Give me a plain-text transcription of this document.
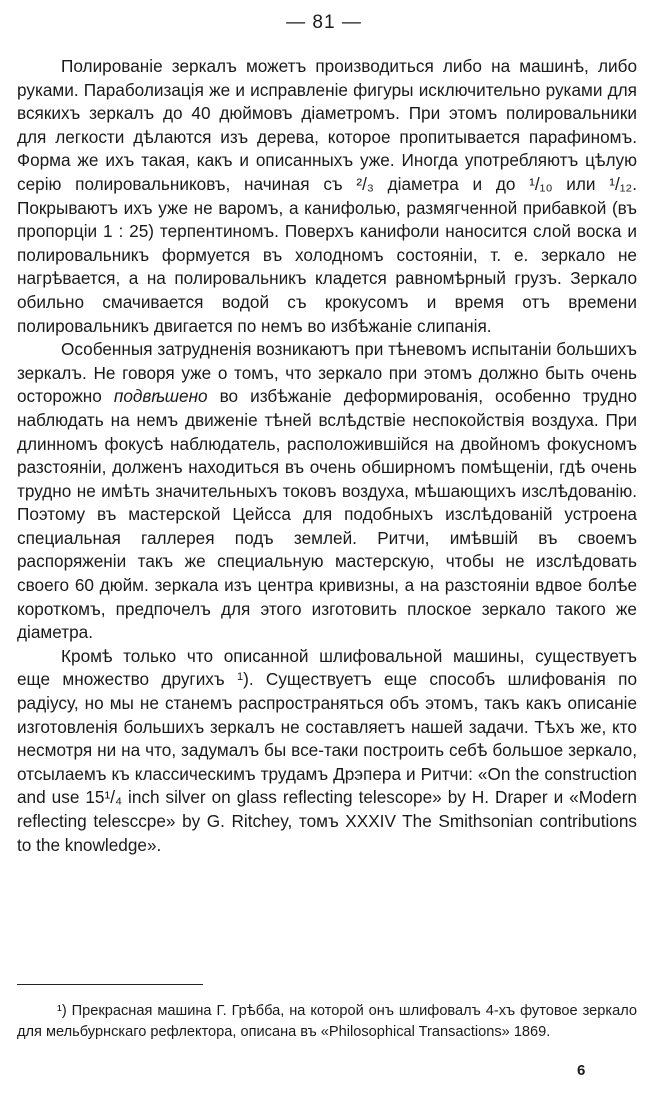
— 81 —

Полированіе зеркалъ можетъ производиться либо на машинѣ, либо руками. Параболизація же и исправленіе фигуры исключительно руками для всякихъ зеркалъ до 40 дюймовъ діаметромъ. При этомъ полировальники для легкости дѣлаются изъ дерева, которое пропитывается парафиномъ. Форма же ихъ такая, какъ и описанныхъ уже. Иногда употребляютъ цѣлую серію полировальниковъ, начиная съ ²/₃ діаметра и до ¹/₁₀ или ¹/₁₂. Покрываютъ ихъ уже не варомъ, а канифолью, размягченной прибавкой (въ пропорціи 1 : 25) терпентиномъ. Поверхъ канифоли наносится слой воска и полировальникъ формуется въ холодномъ состояніи, т. е. зеркало не нагрѣвается, а на полировальникъ кладется равномѣрный грузъ. Зеркало обильно смачивается водой съ крокусомъ и время отъ времени полировальникъ двигается по немъ во избѣжаніе слипанія.

Особенныя затрудненія возникаютъ при тѣневомъ испытаніи большихъ зеркалъ. Не говоря уже о томъ, что зеркало при этомъ должно быть очень осторожно подвѣшено во избѣжаніе деформированія, особенно трудно наблюдать на немъ движеніе тѣней вслѣдствіе неспокойствія воздуха. При длинномъ фокусѣ наблюдатель, расположившійся на двойномъ фокусномъ разстояніи, долженъ находиться въ очень обширномъ помѣщеніи, гдѣ очень трудно не имѣть значительныхъ токовъ воздуха, мѣшающихъ изслѣдованію. Поэтому въ мастерской Цейсса для подобныхъ изслѣдованій устроена специальная галлерея подъ землей. Ритчи, имѣвшій въ своемъ распоряженіи такъ же специальную мастерскую, чтобы не изслѣдовать своего 60 дюйм. зеркала изъ центра кривизны, а на разстояніи вдвое болѣе короткомъ, предпочелъ для этого изготовить плоское зеркало такого же діаметра.

Кромѣ только что описанной шлифовальной машины, существуетъ еще множество другихъ $^1$). Существуетъ еще способъ шлифованія по радіусу, но мы не станемъ распространяться объ этомъ, такъ какъ описаніе изготовленія большихъ зеркалъ не составляетъ нашей задачи. Тѣхъ же, кто несмотря ни на что, задумалъ бы все-таки построить себѣ большое зеркало, отсылаемъ къ классическимъ трудамъ Дрэпера и Ритчи: «On the construction and use 15¹/₄ inch silver on glass reflecting telescope» by H. Draper и «Modern reflecting telesccpe» by G. Ritchey, томъ XXXIV The Smithsonian contributions to the knowledge».

¹) Прекрасная машина Г. Грѣбба, на которой онъ шлифовалъ 4-хъ футовое зеркало для мельбурнскаго рефлектора, описана въ «Philosophical Transactions» 1869.
6
